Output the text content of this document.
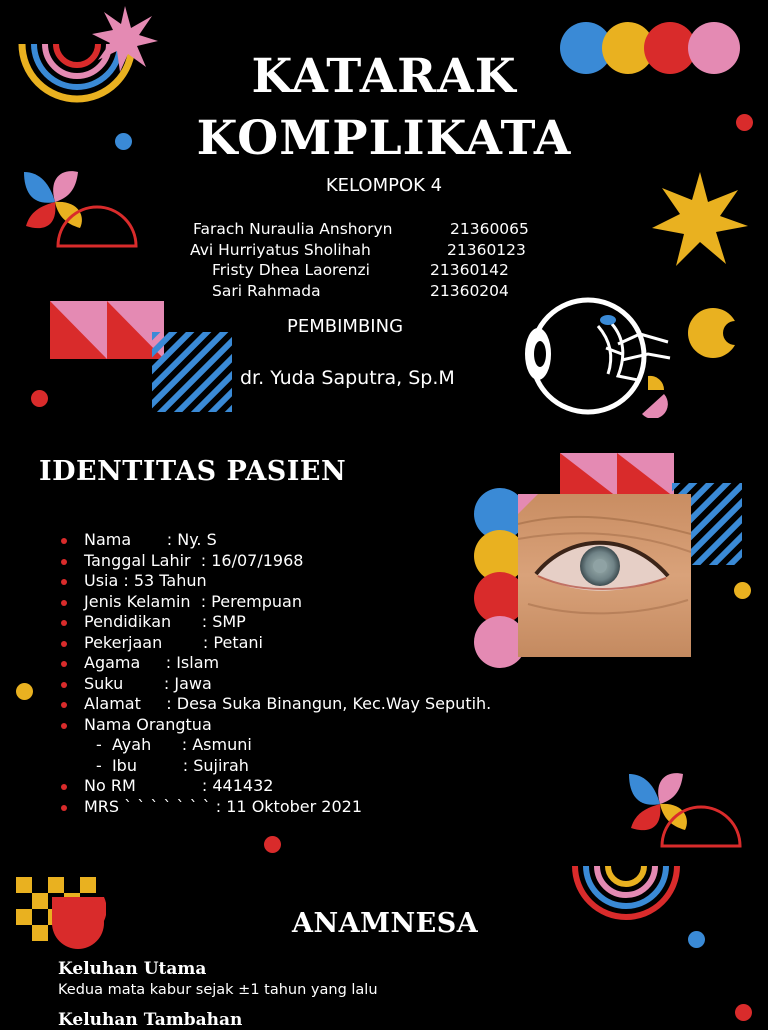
KATARAK
KOMPLIKATA
KELOMPOK 4
Farach Nuraulia Anshoryn	21360065
Avi Hurriyatus Sholihah	21360123
Fristy Dhea Laorenzi	21360142
Sari Rahmada	21360204
PEMBIMBING
dr. Yuda Saputra, Sp.M
IDENTITAS PASIEN
Nama       : Ny. S
Tanggal Lahir  : 16/07/1968
Usia : 53 Tahun
Jenis Kelamin  : Perempuan
Pendidikan      : SMP
Pekerjaan        : Petani
Agama     : Islam
Suku        : Jawa
Alamat     : Desa Suka Binangun, Kec.Way Seputih.
Nama Orangtua
-  Ayah      : Asmuni
-  Ibu         : Sujirah
No RM             : 441432
MRS ` ` ` ` ` ` ` : 11 Oktober 2021
ANAMNESA
Keluhan Utama
Kedua mata kabur sejak ±1 tahun yang lalu
Keluhan Tambahan
